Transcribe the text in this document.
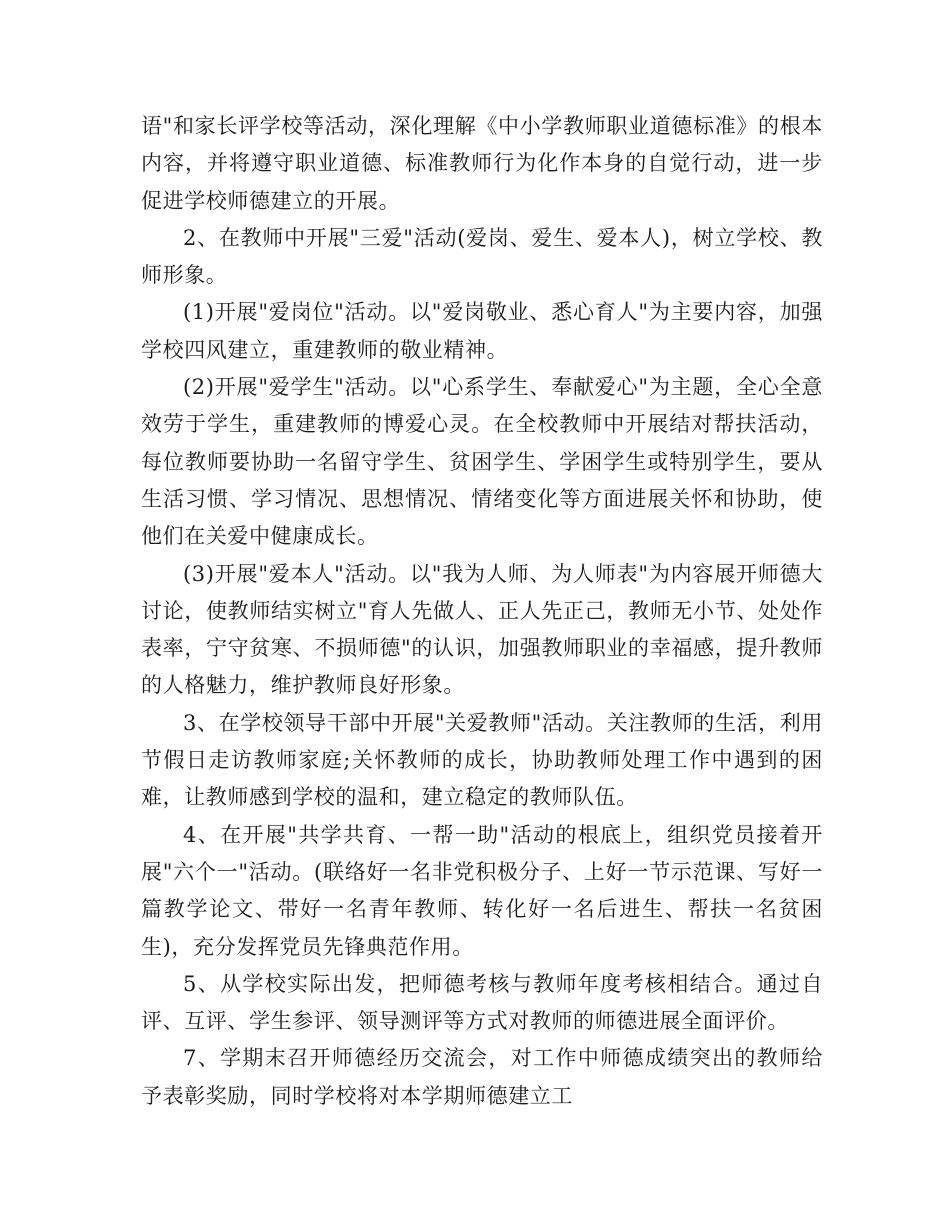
语"和家长评学校等活动，深化理解《中小学教师职业道德标准》的根本内容，并将遵守职业道德、标准教师行为化作本身的自觉行动，进一步促进学校师德建立的开展。

2、在教师中开展"三爱"活动(爱岗、爱生、爱本人)，树立学校、教师形象。

(1)开展"爱岗位"活动。以"爱岗敬业、悉心育人"为主要内容，加强学校四风建立，重建教师的敬业精神。

(2)开展"爱学生"活动。以"心系学生、奉献爱心"为主题，全心全意效劳于学生，重建教师的博爱心灵。在全校教师中开展结对帮扶活动，每位教师要协助一名留守学生、贫困学生、学困学生或特别学生，要从生活习惯、学习情况、思想情况、情绪变化等方面进展关怀和协助，使他们在关爱中健康成长。

(3)开展"爱本人"活动。以"我为人师、为人师表"为内容展开师德大讨论，使教师结实树立"育人先做人、正人先正己，教师无小节、处处作表率，宁守贫寒、不损师德"的认识，加强教师职业的幸福感，提升教师的人格魅力，维护教师良好形象。

3、在学校领导干部中开展"关爱教师"活动。关注教师的生活，利用节假日走访教师家庭;关怀教师的成长，协助教师处理工作中遇到的困难，让教师感到学校的温和，建立稳定的教师队伍。

4、在开展"共学共育、一帮一助"活动的根底上，组织党员接着开展"六个一"活动。(联络好一名非党积极分子、上好一节示范课、写好一篇教学论文、带好一名青年教师、转化好一名后进生、帮扶一名贫困生)，充分发挥党员先锋典范作用。

5、从学校实际出发，把师德考核与教师年度考核相结合。通过自评、互评、学生参评、领导测评等方式对教师的师德进展全面评价。

7、学期末召开师德经历交流会，对工作中师德成绩突出的教师给予表彰奖励，同时学校将对本学期师德建立工
